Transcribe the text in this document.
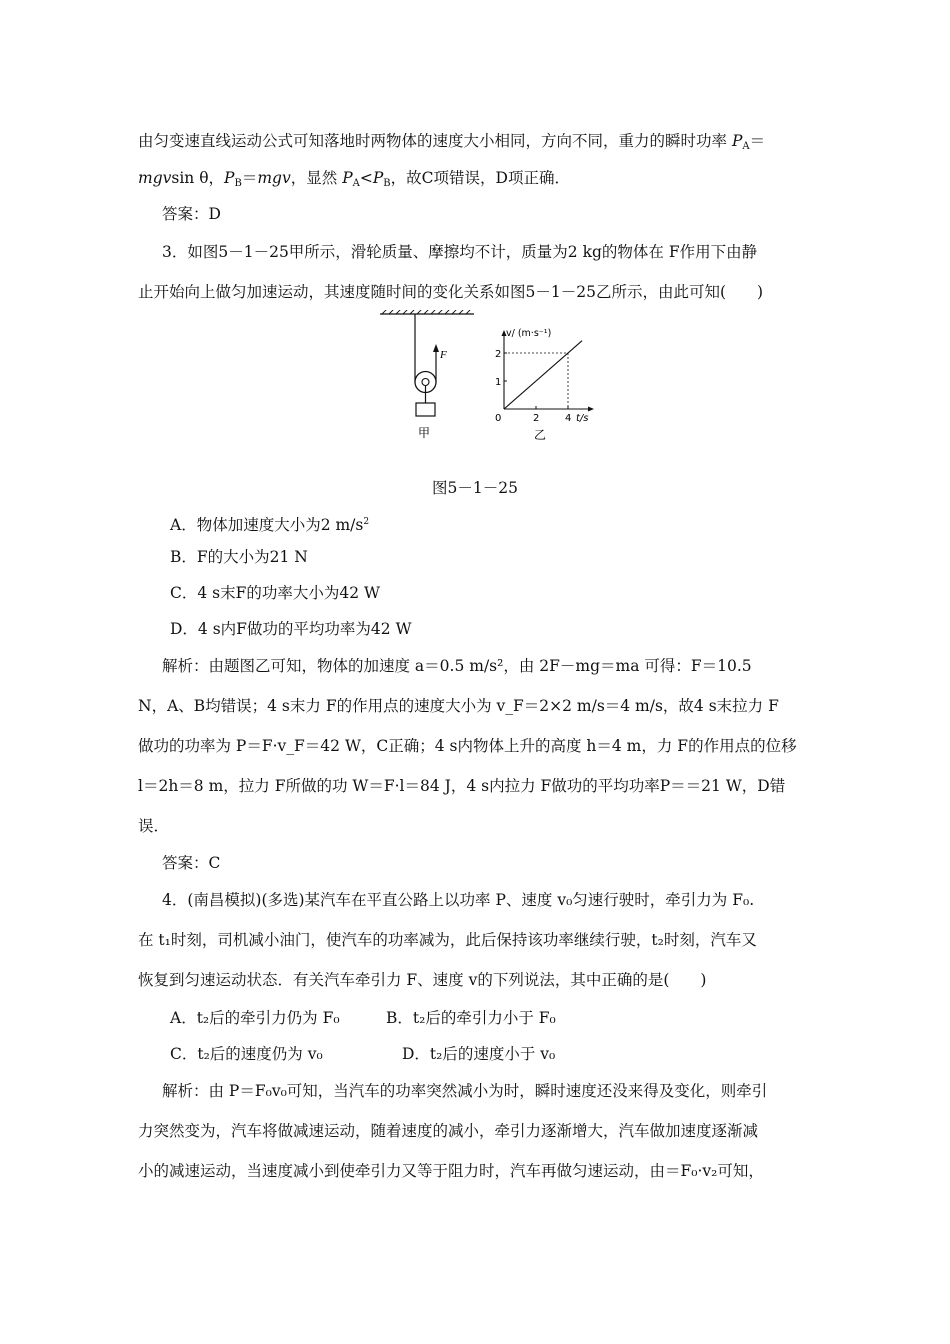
由匀变速直线运动公式可知落地时两物体的速度大小相同，方向不同，重力的瞬时功率 $P_A=$
mgvsin θ，$P_B=mgv$，显然 $P_A<P_B$，故C项错误，D项正确．
答案：D
3．如图5－1－25甲所示，滑轮质量、摩擦均不计，质量为2 kg的物体在 F作用下由静
止开始向上做匀加速运动，其速度随时间的变化关系如图5－1－25乙所示，由此可知(　　)
F
甲
v/ (m·s⁻¹)
t/s
1
2
0	2	4
乙
图5－1－25
A．物体加速度大小为2 $m/s^2$
B．F的大小为21 N
C．4 s末F的功率大小为42 W
D．4 s内F做功的平均功率为42 W
解析：由题图乙可知，物体的加速度 a＝0.5 m/s²，由 2F－mg＝ma 可得：F＝10.5
N，A、B均错误；4 s末力 F的作用点的速度大小为 v_F＝2×2 m/s＝4 m/s，故4 s末拉力 F
做功的功率为 P＝F·v_F＝42 W，C正确；4 s内物体上升的高度 h＝4 m，力 F的作用点的位移
l＝2h＝8 m，拉力 F所做的功 W＝F·l＝84 J，4 s内拉力 F做功的平均功率P＝＝21 W，D错
误．
答案：C
4．(南昌模拟)(多选)某汽车在平直公路上以功率 P、速度 v₀匀速行驶时，牵引力为 F₀.
在 t₁时刻，司机减小油门，使汽车的功率减为，此后保持该功率继续行驶，t₂时刻，汽车又
恢复到匀速运动状态．有关汽车牵引力 F、速度 v的下列说法，其中正确的是(　　)
A．t₂后的牵引力仍为 F₀	B．t₂后的牵引力小于 F₀
C．t₂后的速度仍为 v₀	D．t₂后的速度小于 v₀
解析：由 P＝F₀v₀可知，当汽车的功率突然减小为时，瞬时速度还没来得及变化，则牵引
力突然变为，汽车将做减速运动，随着速度的减小，牵引力逐渐增大，汽车做加速度逐渐减
小的减速运动，当速度减小到使牵引力又等于阻力时，汽车再做匀速运动，由＝F₀·v₂可知，
